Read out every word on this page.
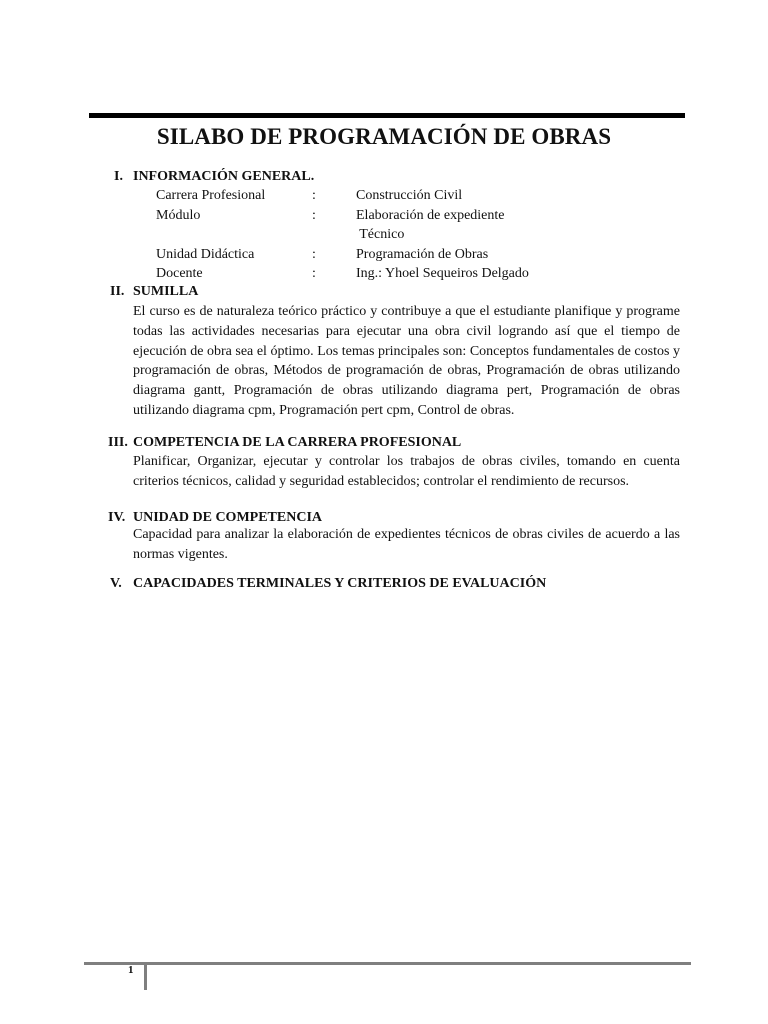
SILABO DE PROGRAMACIÓN DE OBRAS
I. INFORMACIÓN GENERAL.
Carrera Profesional	:	Construcción Civil
Módulo	:	Elaboración de expediente
Técnico
Unidad Didáctica	:	Programación de Obras
Docente	:	Ing.: Yhoel Sequeiros Delgado
II. SUMILLA

El curso es de naturaleza teórico práctico y contribuye a que el estudiante planifique y programe todas las actividades necesarias para ejecutar una obra civil logrando así que el tiempo de ejecución de obra sea el óptimo. Los temas principales son: Conceptos fundamentales de costos y programación de obras, Métodos de programación de obras, Programación de obras utilizando diagrama gantt, Programación de obras utilizando diagrama pert, Programación de obras utilizando diagrama cpm, Programación pert cpm, Control de obras.

III. COMPETENCIA DE LA CARRERA PROFESIONAL

Planificar, Organizar, ejecutar y controlar los trabajos de obras civiles, tomando en cuenta criterios técnicos, calidad y seguridad establecidos; controlar el rendimiento de recursos.

IV. UNIDAD DE COMPETENCIA

Capacidad para analizar la elaboración de expedientes técnicos de obras civiles de acuerdo a las normas vigentes.

V. CAPACIDADES TERMINALES Y CRITERIOS DE EVALUACIÓN
1
